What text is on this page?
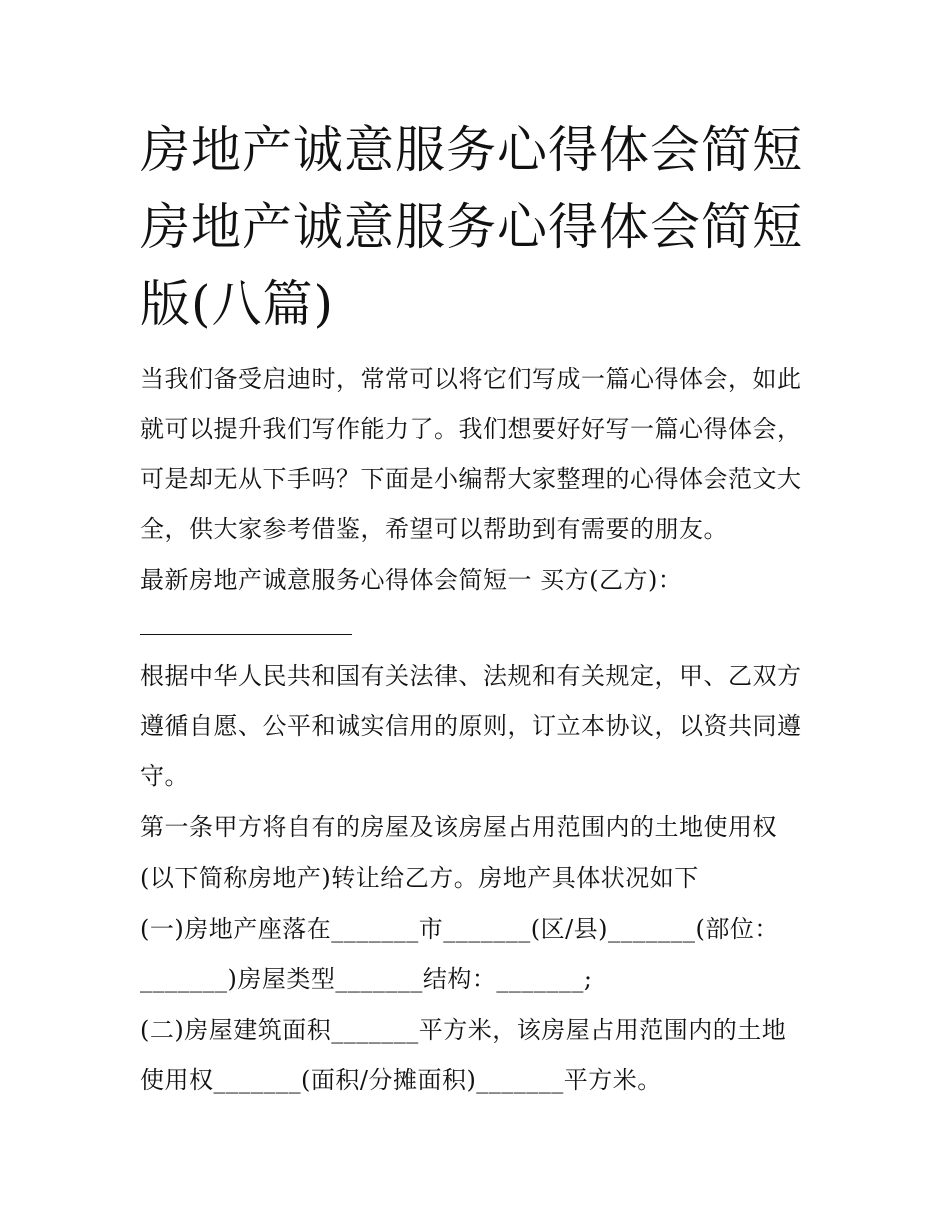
房地产诚意服务心得体会简短
房地产诚意服务心得体会简短
版(八篇)

当我们备受启迪时，常常可以将它们写成一篇心得体会，如此

就可以提升我们写作能力了。我们想要好好写一篇心得体会，

可是却无从下手吗？下面是小编帮大家整理的心得体会范文大

全，供大家参考借鉴，希望可以帮助到有需要的朋友。

最新房地产诚意服务心得体会简短一 买方(乙方)：

根据中华人民共和国有关法律、法规和有关规定，甲、乙双方

遵循自愿、公平和诚实信用的原则，订立本协议，以资共同遵

守。

第一条甲方将自有的房屋及该房屋占用范围内的土地使用权

(以下简称房地产)转让给乙方。房地产具体状况如下

(一)房地产座落在_______市_______(区/县)_______(部位：

_______)房屋类型_______结构：_______;

(二)房屋建筑面积_______平方米，该房屋占用范围内的土地

使用权_______(面积/分摊面积)_______平方米。
